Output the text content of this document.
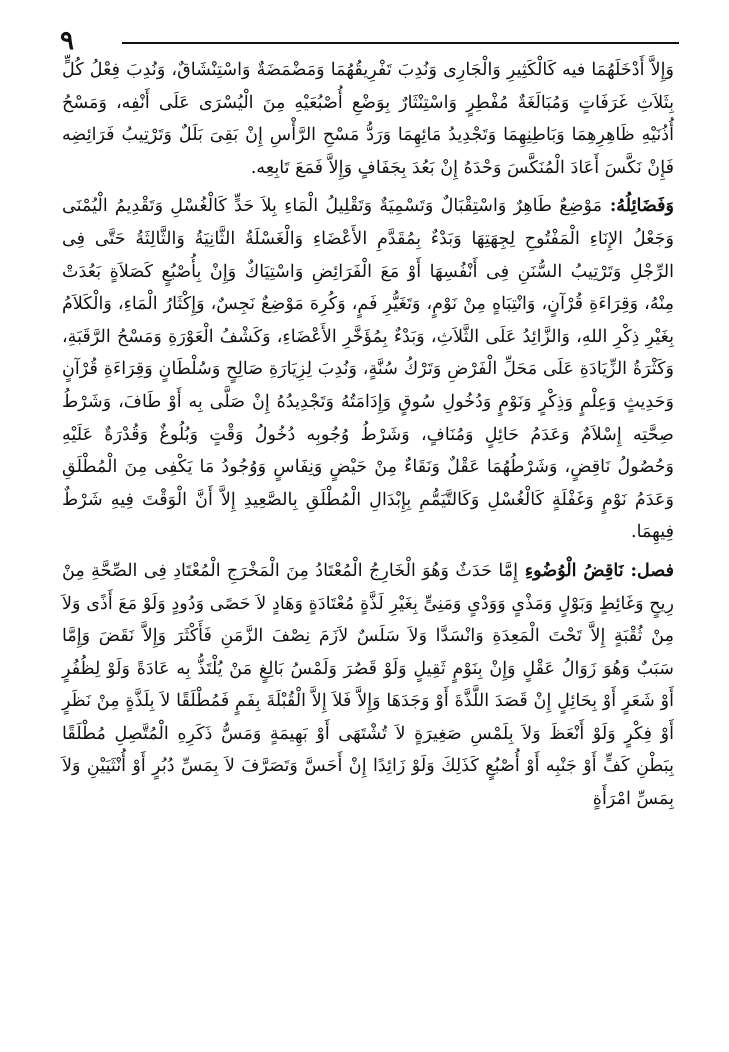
٩

وَإِلاَّ أَدْخَلَهُمَا فيه كَالْكَثِيرِ وَالْجَارِى وَنُدِبَ تَفْرِيقُهُمَا وَمَضْمَضَةٌ وَاسْتِنْشَاقٌ، وَنُدِبَ فِعْلُ كُلٍّ بِثَلاَثِ غَرَفَاتٍ وَمُبَالَغَةٌ مُفْطِرٍ وَاسْتِنْثَارٌ بِوَضْعِ أُصْبُعَيْهِ مِنَ الْيُسْرَى عَلَى أَنْفِه، وَمَسْحُ أُذُنَيْهِ ظَاهِرِهِمَا وَبَاطِنِهِمَا وَتَجْدِيدُ مَائِهِمَا وَرَدُّ مَسْحِ الرَّأْسِ إِنْ بَقِىَ بَلَلٌ وَتَرْتِيبُ فَرَائِضِه فَإِنْ نَكَّسَ أَعَادَ الْمُنَكَّسَ وَحْدَهُ إِنْ بَعُدَ بِجَفَافٍ وَإِلاَّ فَمَعَ تَابِعِه.

وَفَضَائِلُهُ: مَوْضِعٌ طَاهِرٌ وَاسْتِقْبَالٌ وَتَسْمِيَةٌ وَتَقْلِيلُ الْمَاءِ بِلاَ حَدٍّ كَالْغُسْلِ وَتَقْدِيمُ الْيُمْنَى وَجَعْلُ الإِنَاءِ الْمَفْتُوحِ لِجِهَتِهَا وَبَدْءٌ بِمُقَدَّمِ الأَعْضَاءِ وَالْغَسْلَةُ الثَّانِيَةُ وَالثَّالِثَةُ حَتَّى فِى الرِّجْلِ وَتَرْتِيبُ السُّنَنِ فِى أَنْفُسِهَا أَوْ مَعَ الْفَرَائِضِ وَاسْتِيَاكٌ وَإِنْ بِأُصْبُعٍ كَصَلاَةٍ بَعُدَتْ مِنْهُ، وَقِرَاءَةِ قُرْآنٍ، وَانْتِبَاهٍ مِنْ نَوْمٍ، وَتَغَيُّرِ فَمٍ، وَكُرِهَ مَوْضِعٌ نَجِسٌ، وَإِكْثَارُ الْمَاءِ، وَالْكَلاَمُ بِغَيْرِ ذِكْرِ اللهِ، وَالزَّائِدُ عَلَى الثَّلاَثِ، وَبَدْءٌ بِمُؤَخَّرِ الأَعْضَاءِ، وَكَشْفُ الْعَوْرَةِ وَمَسْحُ الرَّقَبَةِ، وَكَثْرَةُ الزِّيَادَةِ عَلَى مَحَلِّ الْفَرْضِ وَتَرْكُ سُنَّةٍ، وَنُدِبَ لِزِيَارَةِ صَالِحٍ وَسُلْطَانٍ وَقِرَاءَةِ قُرْآنٍ وَحَدِيثٍ وَعِلْمٍ وَذِكْرٍ وَنَوْمٍ وَدُخُولِ سُوقٍ وَإِدَامَتُهُ وَتَجْدِيدُهُ إِنْ صَلَّى بِه أَوْ طَافَ، وَشَرْطُ صِحَّتِه إِسْلاَمٌ وَعَدَمُ حَائِلٍ وَمُنَافٍ، وَشَرْطُ وُجُوبِه دُخُولُ وَقْتٍ وَبُلُوغٌ وَقُدْرَةٌ عَلَيْهِ وَحُصُولُ نَاقِضٍ، وَشَرْطُهُمَا عَقْلٌ وَنَقَاءٌ مِنْ حَيْضٍ وَنِفَاسٍ وَوُجُودُ مَا يَكْفِى مِنَ الْمُطْلَقِ وَعَدَمُ نَوْمٍ وَغَفْلَةٍ كَالْغُسْلِ وَكَالتَّيَمُّمِ بِإِبْدَالِ الْمُطْلَقِ بِالصَّعِيدِ إِلاَّ أَنَّ الْوَقْتَ فِيهِ شَرْطٌ فِيهِمَا.

فصل: نَاقِضُ الْوُضُوءِ إِمَّا حَدَثٌ وَهُوَ الْخَارِجُ الْمُعْتَادُ مِنَ الْمَخْرَجِ الْمُعْتَادِ فِى الصِّحَّةِ مِنْ رِيحٍ وَغَائِطٍ وَبَوْلٍ وَمَذْىٍ وَوَدْىٍ وَمَنِىٍّ بِغَيْرِ لَذَّةٍ مُعْتَادَةٍ وَهَادٍ لاَ حَصًى وَدُودٍ وَلَوْ مَعَ أَذًى وَلاَ مِنْ ثُقْبَةٍ إِلاَّ تَحْتَ الْمَعِدَةِ وَانْسَدَّا وَلاَ سَلَسٌ لاَزَمَ نِصْفَ الزَّمَنِ فَأَكْثَرَ وَإِلاَّ نَقَضَ وَإِمَّا سَبَبٌ وَهُوَ زَوَالُ عَقْلٍ وَإِنْ بِنَوْمٍ ثَقِيلٍ وَلَوْ قَصُرَ وَلَمْسُ بَالِغٍ مَنْ يُلْتَذُّ بِه عَادَةً وَلَوْ لِظُفُرٍ أَوْ شَعَرٍ أَوْ بِحَائِلٍ إِنْ قَصَدَ اللَّذَّةَ أَوْ وَجَدَهَا وَإِلاَّ فَلاَ إِلاَّ الْقُبْلَةَ بِفَمٍ فَمُطْلَقًا لاَ بِلَذَّةٍ مِنْ نَظَرٍ أَوْ فِكْرٍ وَلَوْ أَنْعَظَ وَلاَ بِلَمْسِ صَغِيرَةٍ لاَ تُشْتَهَى أَوْ بَهِيمَةٍ وَمَسُّ ذَكَرِهِ الْمُتَّصِلِ مُطْلَقًا بِبَطْنِ كَفٍّ أَوْ جَنْبِه أَوْ أُصْبُعٍ كَذَلِكَ وَلَوْ زَائِدًا إِنْ أَحَسَّ وَتَصَرَّفَ لاَ بِمَسِّ دُبُرٍ أَوْ أُنْثَيَيْنِ وَلاَ بِمَسِّ امْرَأَةٍ
